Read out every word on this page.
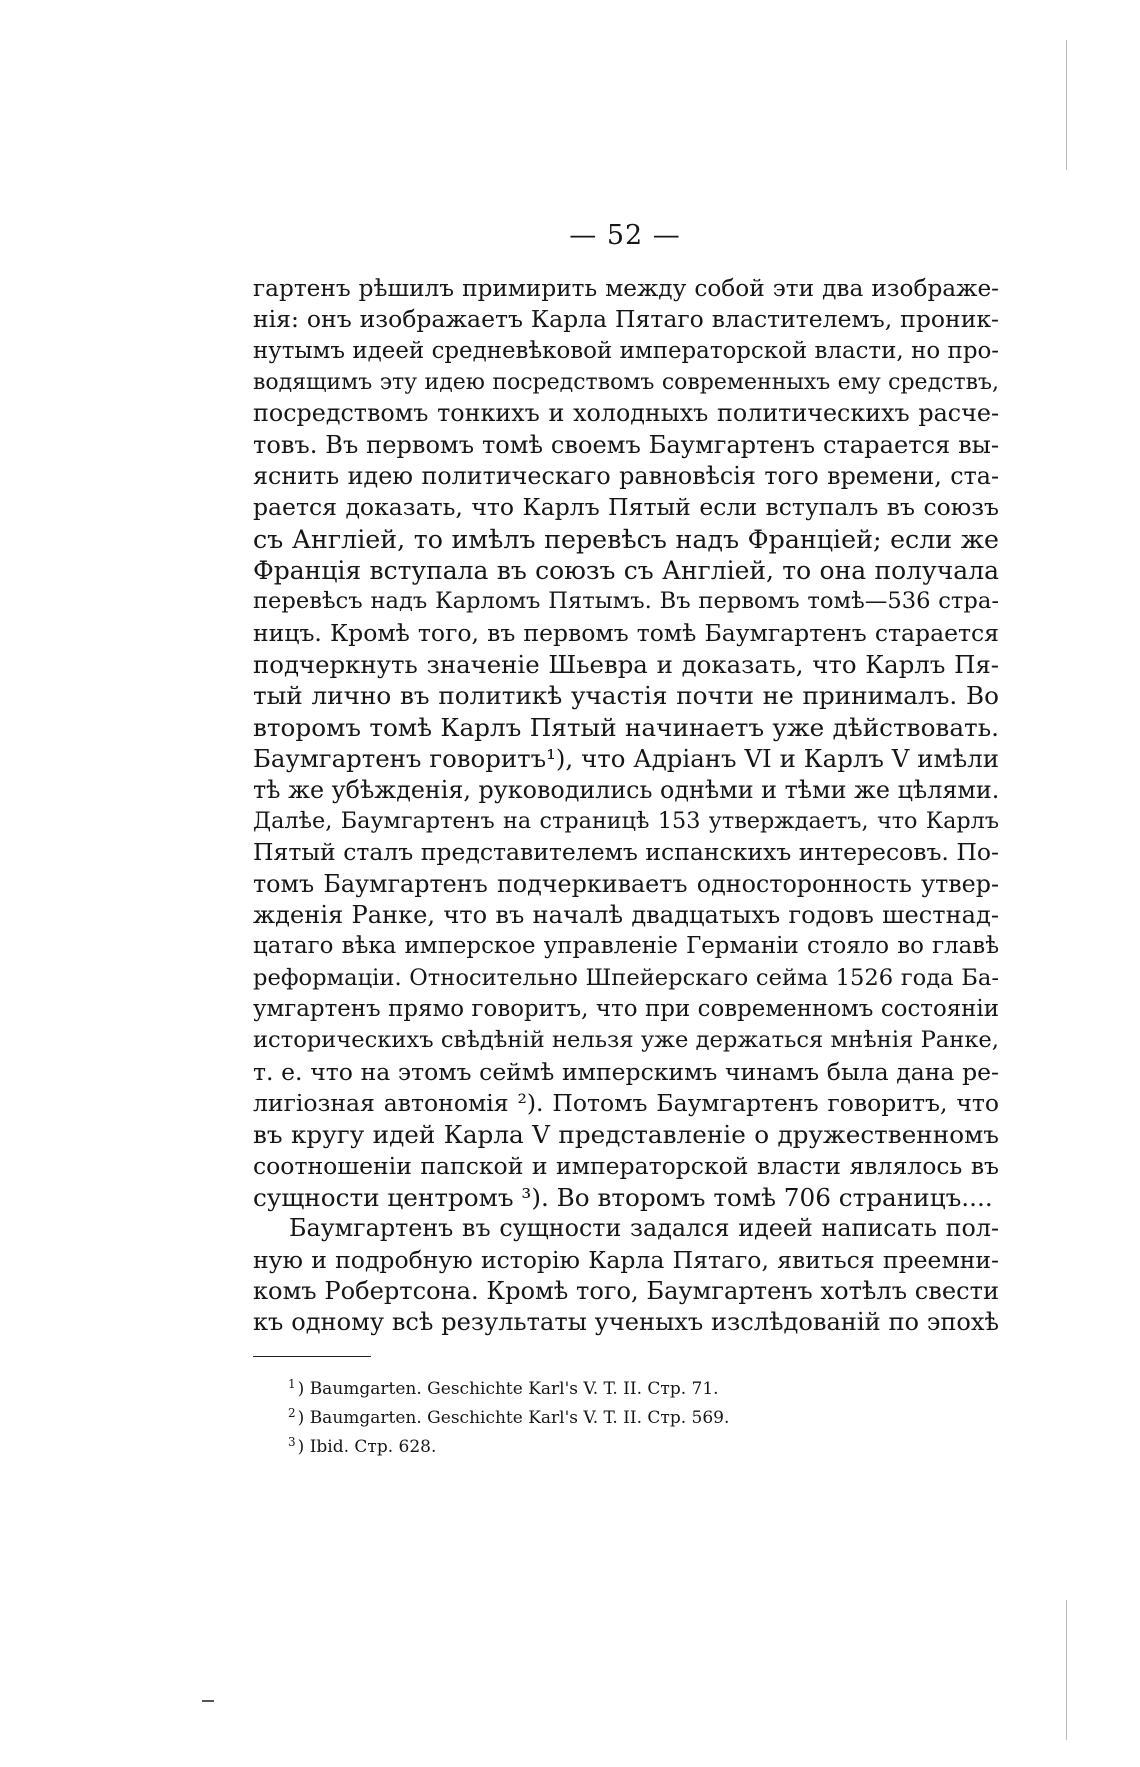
— 52 —
гартенъ рѣшилъ примирить между собой эти два изображе-
нія: онъ изображаетъ Карла Пятаго властителемъ, проник-
нутымъ идеей средневѣковой императорской власти, но про-
водящимъ эту идею посредствомъ современныхъ ему средствъ,
посредствомъ тонкихъ и холодныхъ политическихъ расче-
товъ. Въ первомъ томѣ своемъ Баумгартенъ старается вы-
яснить идею политическаго равновѣсія того времени, ста-
рается доказать, что Карлъ Пятый если вступалъ въ союзъ
съ Англіей, то имѣлъ перевѣсъ надъ Франціей; если же
Франція вступала въ союзъ съ Англіей, то она получала
перевѣсъ надъ Карломъ Пятымъ. Въ первомъ томѣ—536 стра-
ницъ. Кромѣ того, въ первомъ томѣ Баумгартенъ старается
подчеркнуть значеніе Шьевра и доказать, что Карлъ Пя-
тый лично въ политикѣ участія почти не принималъ. Во
второмъ томѣ Карлъ Пятый начинаетъ уже дѣйствовать.
Баумгартенъ говоритъ¹), что Адріанъ VI и Карлъ V имѣли
тѣ же убѣжденія, руководились однѣми и тѣми же цѣлями.
Далѣе, Баумгартенъ на страницѣ 153 утверждаетъ, что Карлъ
Пятый сталъ представителемъ испанскихъ интересовъ. По-
томъ Баумгартенъ подчеркиваетъ односторонность утвер-
жденія Ранке, что въ началѣ двадцатыхъ годовъ шестнад-
цатаго вѣка имперское управленіе Германіи стояло во главѣ
реформаціи. Относительно Шпейерскаго сейма 1526 года Ба-
умгартенъ прямо говоритъ, что при современномъ состояніи
историческихъ свѣдѣній нельзя уже держаться мнѣнія Ранке,
т. е. что на этомъ сеймѣ имперскимъ чинамъ была дана ре-
лигіозная автономія ²). Потомъ Баумгартенъ говоритъ, что
въ кругу идей Карла V представленіе о дружественномъ
соотношеніи папской и императорской власти являлось въ
сущности центромъ ³). Во второмъ томѣ 706 страницъ....
Баумгартенъ въ сущности задался идеей написать пол-
ную и подробную исторію Карла Пятаго, явиться преемни-
комъ Робертсона. Кромѣ того, Баумгартенъ хотѣлъ свести
къ одному всѣ результаты ученыхъ изслѣдованій по эпохѣ
$^1$ ) Baumgarten. Geschichte Karl's V. T. II. Стр. 71.
$^2$ ) Baumgarten. Geschichte Karl's V. T. II. Стр. 569.
$^3$ ) Ibid. Стр. 628.
